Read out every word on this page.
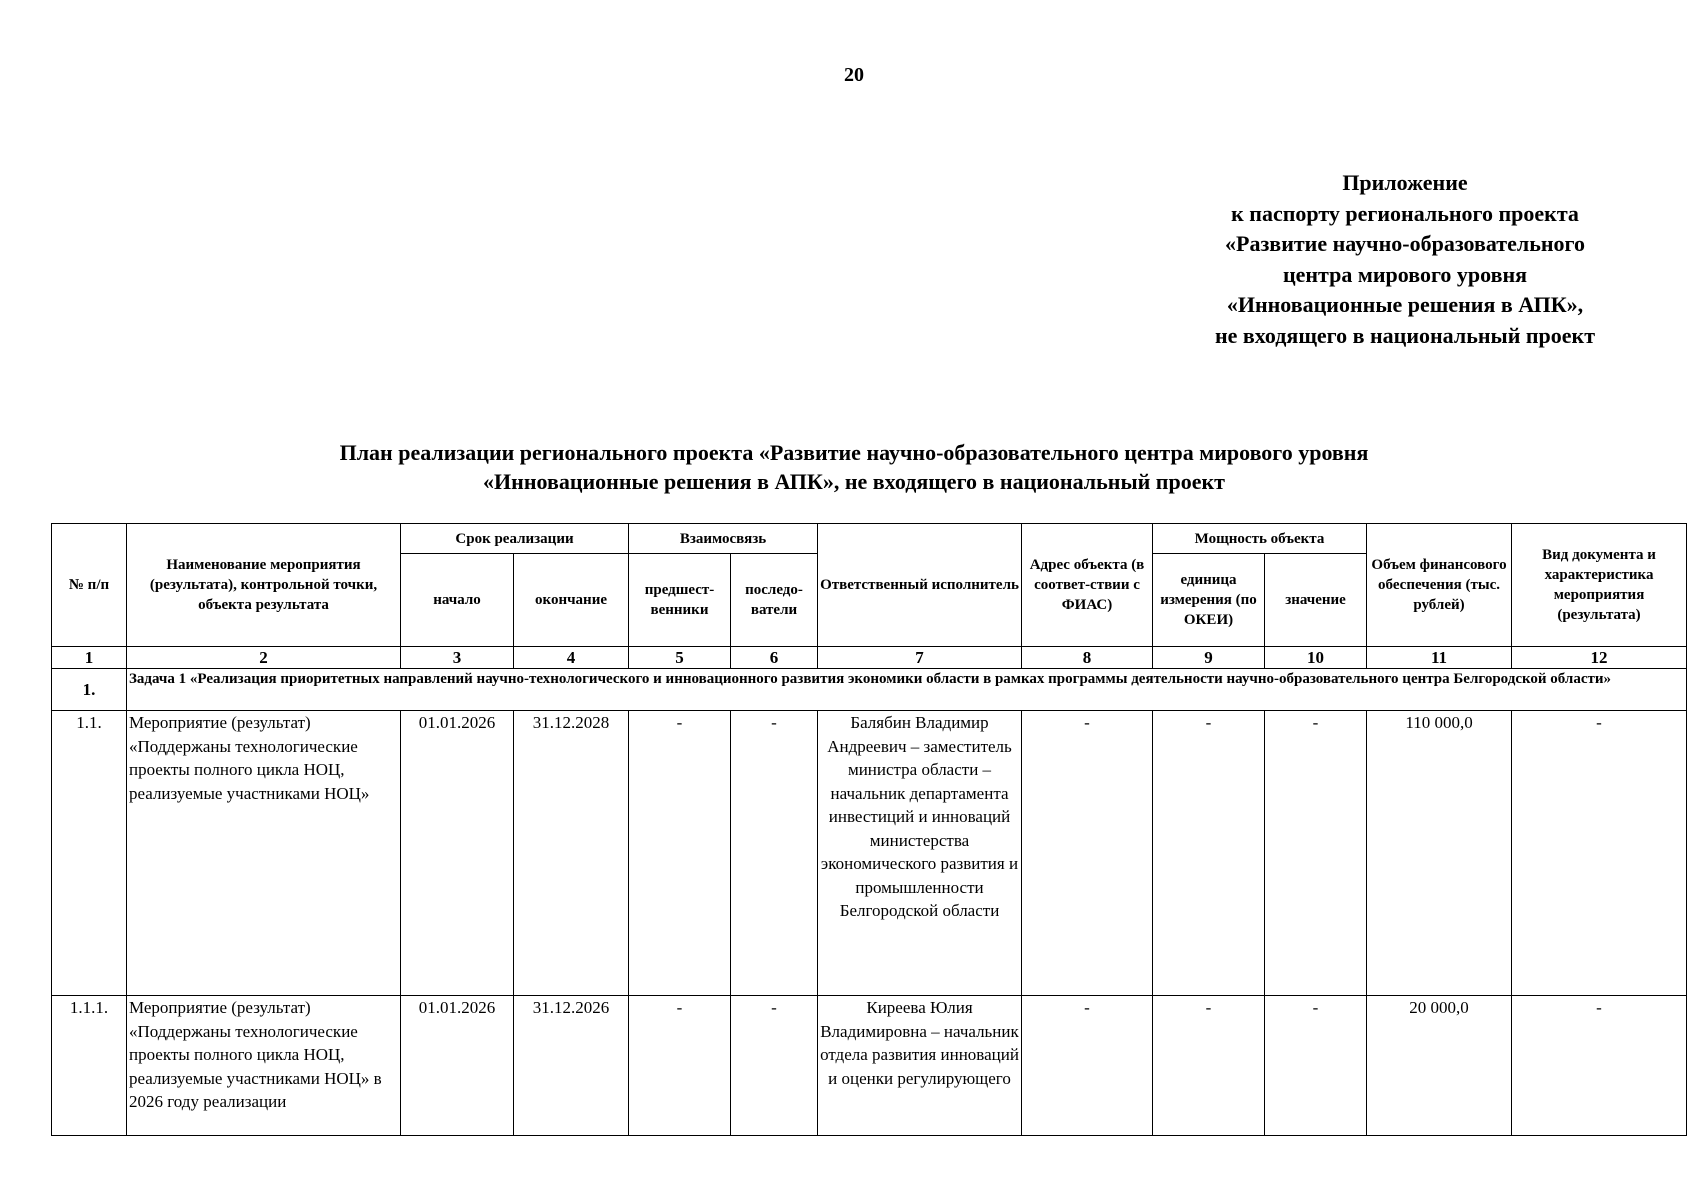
20
Приложение
к паспорту регионального проекта
«Развитие научно-образовательного
центра мирового уровня
«Инновационные решения в АПК»,
не входящего в национальный проект
План реализации регионального проекта «Развитие научно-образовательного центра мирового уровня
«Инновационные решения в АПК», не входящего в национальный проект
№ п/п	Наименование мероприятия (результата), контрольной точки, объекта результата	Срок реализации		Взаимосвязь		Ответственный исполнитель	Адрес объекта (в соответ-ствии с ФИАС)	Мощность объекта		Объем финансового обеспечения (тыс. рублей)	Вид документа и характеристика мероприятия (результата)
		начало	окончание	предшест-венники	последо-ватели			единица измерения (по ОКЕИ)	значение		
1	2	3	4	5	6	7	8	9	10	11	12
1.	Задача 1 «Реализация приоритетных направлений научно-технологического и инновационного развития экономики области в рамках программы деятельности научно-образовательного центра Белгородской области»										
1.1.	Мероприятие (результат) «Поддержаны технологические проекты полного цикла НОЦ, реализуемые участниками НОЦ»	01.01.2026	31.12.2028	-	-	Балябин Владимир Андреевич – заместитель министра области – начальник департамента инвестиций и инноваций министерства экономического развития и промышленности Белгородской области	-	-	-	110 000,0	-
1.1.1.	Мероприятие (результат) «Поддержаны технологические проекты полного цикла НОЦ, реализуемые участниками НОЦ» в 2026 году реализации	01.01.2026	31.12.2026	-	-	Киреева Юлия Владимировна – начальник отдела развития инноваций и оценки регулирующего	-	-	-	20 000,0	-
